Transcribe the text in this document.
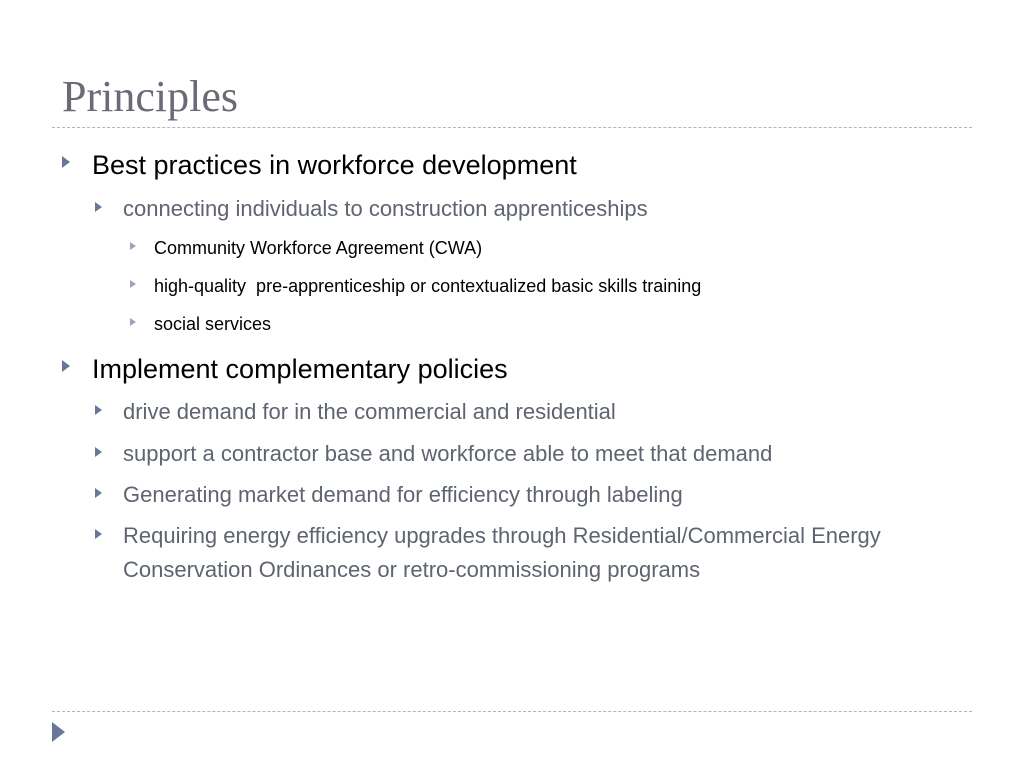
Principles
Best practices in workforce development
connecting individuals to construction apprenticeships
Community Workforce Agreement (CWA)
high-quality  pre-apprenticeship or contextualized basic skills training
social services
Implement complementary policies
drive demand for in the commercial and residential
support a contractor base and workforce able to meet that demand
Generating market demand for efficiency through labeling
Requiring energy efficiency upgrades through Residential/Commercial Energy Conservation Ordinances or retro-commissioning programs
